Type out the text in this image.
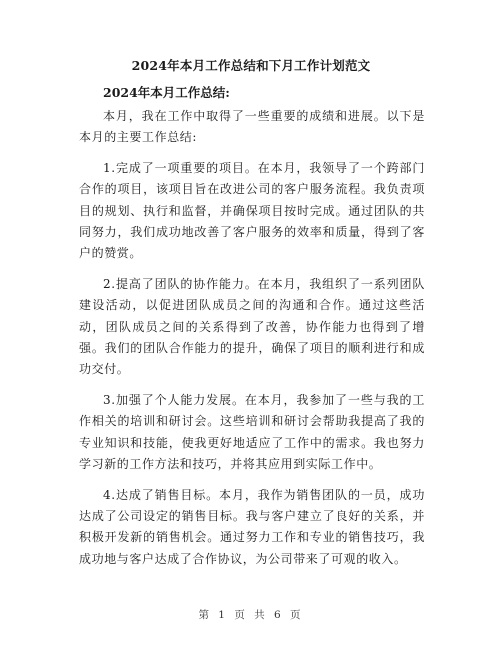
2024年本月工作总结和下月工作计划范文
2024年本月工作总结:

本月，我在工作中取得了一些重要的成绩和进展。以下是本月的主要工作总结:

1.完成了一项重要的项目。在本月，我领导了一个跨部门合作的项目，该项目旨在改进公司的客户服务流程。我负责项目的规划、执行和监督，并确保项目按时完成。通过团队的共同努力，我们成功地改善了客户服务的效率和质量，得到了客户的赞赏。

2.提高了团队的协作能力。在本月，我组织了一系列团队建设活动，以促进团队成员之间的沟通和合作。通过这些活动，团队成员之间的关系得到了改善，协作能力也得到了增强。我们的团队合作能力的提升，确保了项目的顺利进行和成功交付。

3.加强了个人能力发展。在本月，我参加了一些与我的工作相关的培训和研讨会。这些培训和研讨会帮助我提高了我的专业知识和技能，使我更好地适应了工作中的需求。我也努力学习新的工作方法和技巧，并将其应用到实际工作中。

4.达成了销售目标。本月，我作为销售团队的一员，成功达成了公司设定的销售目标。我与客户建立了良好的关系，并积极开发新的销售机会。通过努力工作和专业的销售技巧，我成功地与客户达成了合作协议，为公司带来了可观的收入。

第 1 页 共 6 页
